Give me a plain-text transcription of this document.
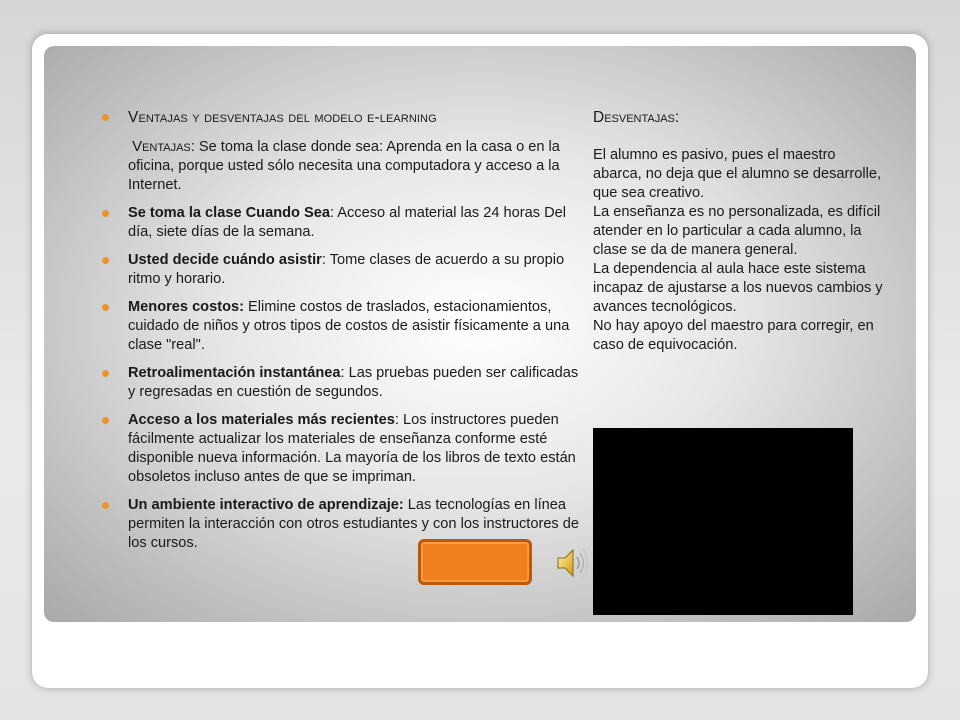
Ventajas y desventajas del modelo e-learning
Ventajas: Se toma la clase donde sea: Aprenda en la casa o en la oficina, porque usted sólo necesita una computadora y acceso a la Internet.
Se toma la clase Cuando Sea: Acceso al material las 24 horas Del día, siete días de la semana.
Usted decide cuándo asistir: Tome clases de acuerdo a su propio ritmo y horario.
Menores costos: Elimine costos de traslados, estacionamientos, cuidado de niños y otros tipos de costos de asistir físicamente a una clase "real".
Retroalimentación instantánea: Las pruebas pueden ser calificadas y regresadas en cuestión de segundos.
Acceso a los materiales más recientes: Los instructores pueden fácilmente actualizar los materiales de enseñanza conforme esté disponible nueva información. La mayoría de los libros de texto están obsoletos incluso antes de que se impriman.
Un ambiente interactivo de aprendizaje: Las tecnologías en línea permiten la interacción con otros estudiantes y con los instructores de los cursos.
Desventajas:

El alumno es pasivo, pues el maestro abarca, no deja que el alumno se desarrolle, que sea creativo.

La enseñanza es no personalizada, es difícil atender en lo particular a cada alumno, la clase se da de manera general.

La dependencia al aula hace este sistema incapaz de ajustarse a los nuevos cambios y avances tecnológicos.

No hay apoyo del maestro para corregir, en caso de equivocación.
